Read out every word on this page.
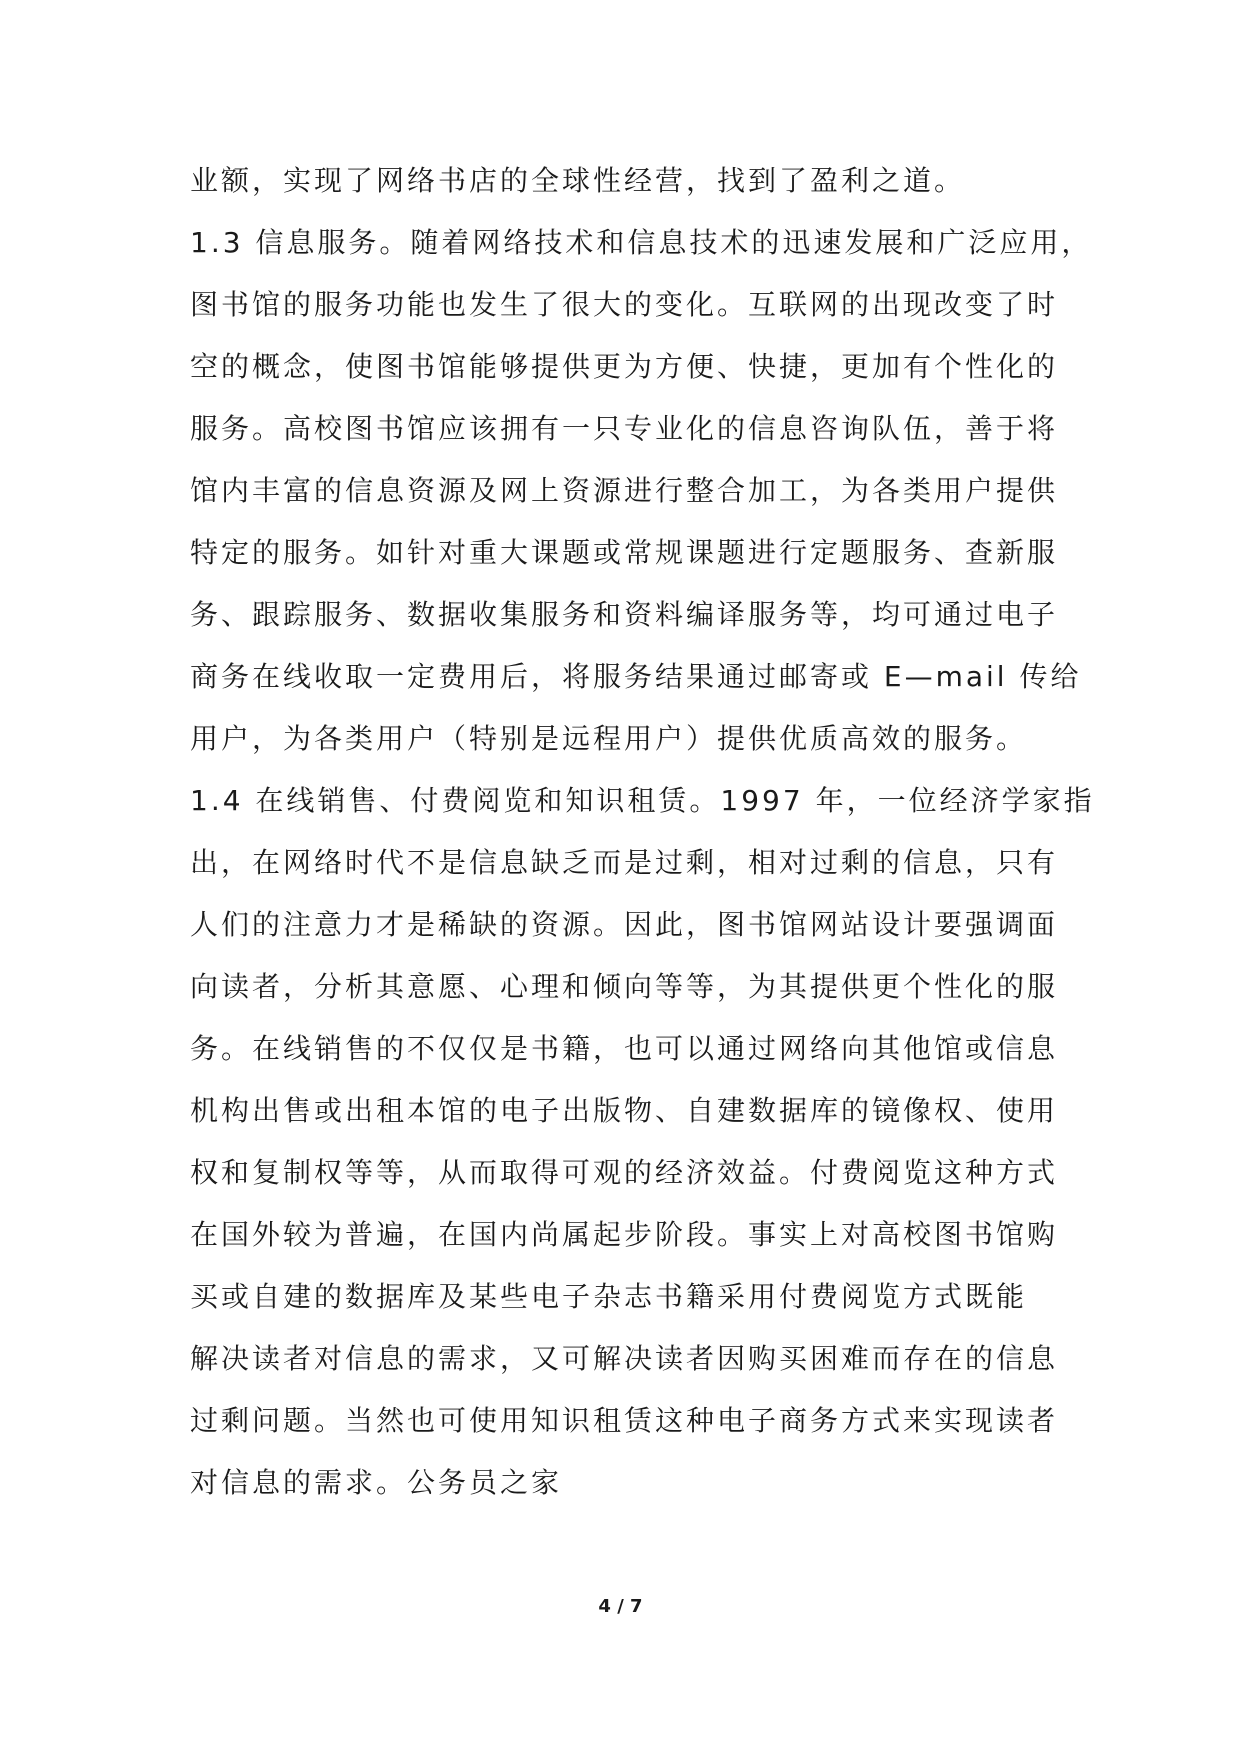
业额，实现了网络书店的全球性经营，找到了盈利之道。
1.3 信息服务。随着网络技术和信息技术的迅速发展和广泛应用，
图书馆的服务功能也发生了很大的变化。互联网的出现改变了时
空的概念，使图书馆能够提供更为方便、快捷，更加有个性化的
服务。高校图书馆应该拥有一只专业化的信息咨询队伍，善于将
馆内丰富的信息资源及网上资源进行整合加工，为各类用户提供
特定的服务。如针对重大课题或常规课题进行定题服务、查新服
务、跟踪服务、数据收集服务和资料编译服务等，均可通过电子
商务在线收取一定费用后，将服务结果通过邮寄或 E—mail 传给
用户，为各类用户（特别是远程用户）提供优质高效的服务。
1.4 在线销售、付费阅览和知识租赁。1997 年，一位经济学家指
出，在网络时代不是信息缺乏而是过剩，相对过剩的信息，只有
人们的注意力才是稀缺的资源。因此，图书馆网站设计要强调面
向读者，分析其意愿、心理和倾向等等，为其提供更个性化的服
务。在线销售的不仅仅是书籍，也可以通过网络向其他馆或信息
机构出售或出租本馆的电子出版物、自建数据库的镜像权、使用
权和复制权等等，从而取得可观的经济效益。付费阅览这种方式
在国外较为普遍，在国内尚属起步阶段。事实上对高校图书馆购
买或自建的数据库及某些电子杂志书籍采用付费阅览方式既能
解决读者对信息的需求，又可解决读者因购买困难而存在的信息
过剩问题。当然也可使用知识租赁这种电子商务方式来实现读者
对信息的需求。公务员之家
4 / 7
